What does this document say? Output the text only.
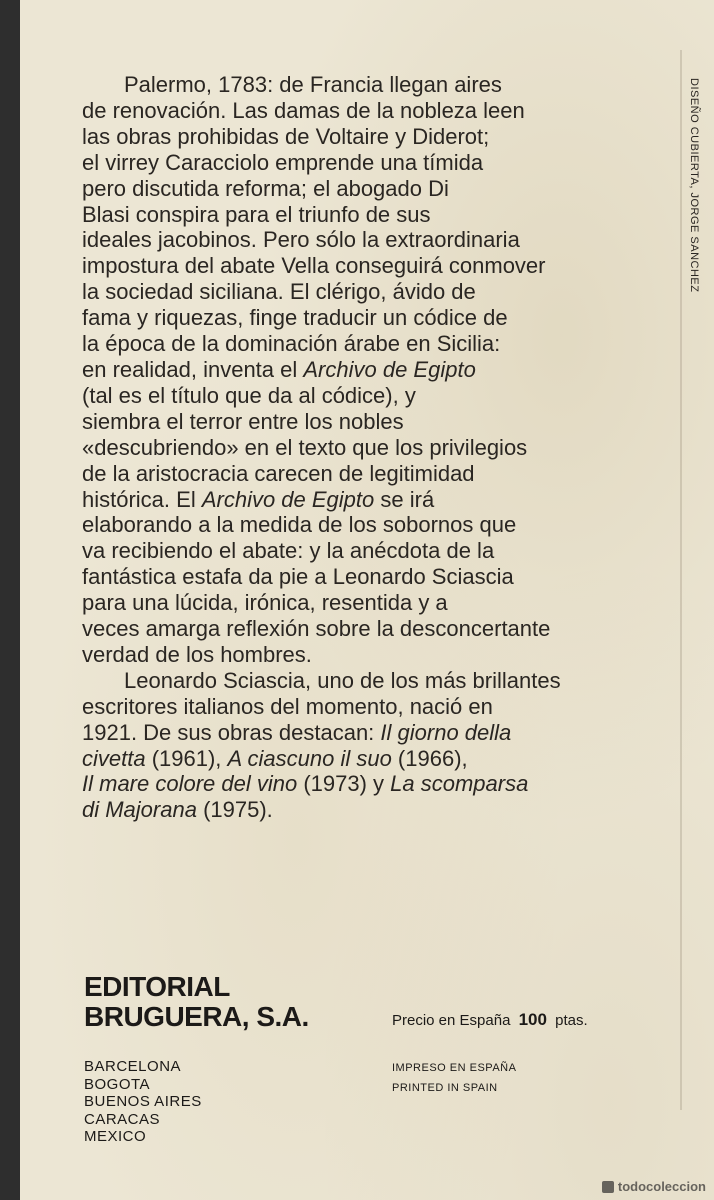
Palermo, 1783: de Francia llegan aires
de renovación. Las damas de la nobleza leen
las obras prohibidas de Voltaire y Diderot;
el virrey Caracciolo emprende una tímida
pero discutida reforma; el abogado Di
Blasi conspira para el triunfo de sus
ideales jacobinos. Pero sólo la extraordinaria
impostura del abate Vella conseguirá conmover
la sociedad siciliana. El clérigo, ávido de
fama y riquezas, finge traducir un códice de
la época de la dominación árabe en Sicilia:
en realidad, inventa el Archivo de Egipto
(tal es el título que da al códice), y
siembra el terror entre los nobles
«descubriendo» en el texto que los privilegios
de la aristocracia carecen de legitimidad
histórica. El Archivo de Egipto se irá
elaborando a la medida de los sobornos que
va recibiendo el abate: y la anécdota de la
fantástica estafa da pie a Leonardo Sciascia
para una lúcida, irónica, resentida y a
veces amarga reflexión sobre la desconcertante
verdad de los hombres.

Leonardo Sciascia, uno de los más brillantes
escritores italianos del momento, nació en
1921. De sus obras destacan: Il giorno della
civetta (1961), A ciascuno il suo (1966),
Il mare colore del vino (1973) y La scomparsa
di Majorana (1975).

DISEÑO CUBIERTA, JORGE SANCHEZ
EDITORIAL
BRUGUERA, S.A.	Precio en España 100 ptas.
BARCELONA
BOGOTA
BUENOS AIRES
CARACAS
MEXICO
IMPRESO EN ESPAÑA
PRINTED IN SPAIN
todocoleccion
